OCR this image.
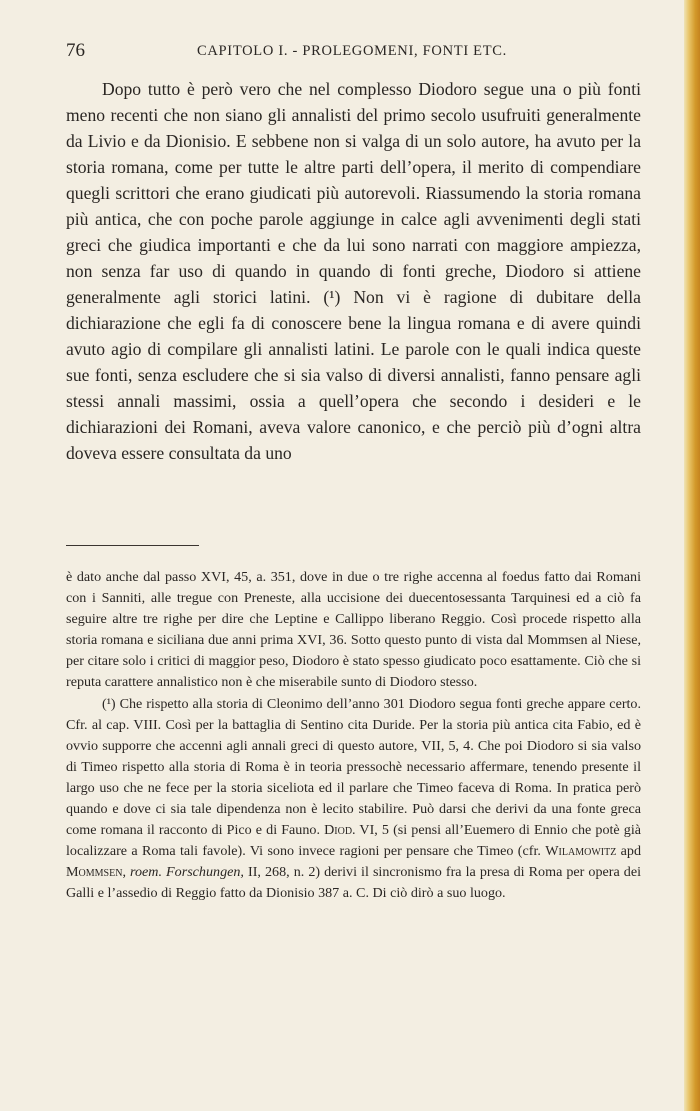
76	CAPITOLO I. - PROLEGOMENI, FONTI ETC.

Dopo tutto è però vero che nel complesso Diodoro segue una o più fonti meno recenti che non siano gli annalisti del primo secolo usufruiti generalmente da Livio e da Dionisio. E sebbene non si valga di un solo autore, ha avuto per la storia romana, come per tutte le altre parti dell’opera, il merito di compendiare quegli scrittori che erano giudicati più autorevoli. Riassumendo la storia romana più antica, che con poche parole aggiunge in calce agli avvenimenti degli stati greci che giudica importanti e che da lui sono narrati con maggiore ampiezza, non senza far uso di quando in quando di fonti greche, Diodoro si attiene generalmente agli storici latini. (¹) Non vi è ragione di dubitare della dichiarazione che egli fa di conoscere bene la lingua romana e di avere quindi avuto agio di compilare gli annalisti latini. Le parole con le quali indica queste sue fonti, senza escludere che si sia valso di diversi annalisti, fanno pensare agli stessi annali massimi, ossia a quell’opera che secondo i desideri e le dichiarazioni dei Romani, aveva valore canonico, e che perciò più d’ogni altra doveva essere consultata da uno

è dato anche dal passo XVI, 45, a. 351, dove in due o tre righe accenna al foedus fatto dai Romani con i Sanniti, alle tregue con Preneste, alla uccisione dei duecentosessanta Tarquinesi ed a ciò fa seguire altre tre righe per dire che Leptine e Callippo liberano Reggio. Così procede rispetto alla storia romana e siciliana due anni prima XVI, 36. Sotto questo punto di vista dal Mommsen al Niese, per citare solo i critici di maggior peso, Diodoro è stato spesso giudicato poco esattamente. Ciò che si reputa carattere annalistico non è che miserabile sunto di Diodoro stesso.

(¹) Che rispetto alla storia di Cleonimo dell’anno 301 Diodoro segua fonti greche appare certo. Cfr. al cap. VIII. Così per la battaglia di Sentino cita Duride. Per la storia più antica cita Fabio, ed è ovvio supporre che accenni agli annali greci di questo autore, VII, 5, 4. Che poi Diodoro si sia valso di Timeo rispetto alla storia di Roma è in teoria pressochè necessario affermare, tenendo presente il largo uso che ne fece per la storia siceliota ed il parlare che Timeo faceva di Roma. In pratica però quando e dove ci sia tale dipendenza non è lecito stabilire. Può darsi che derivi da una fonte greca come romana il racconto di Pico e di Fauno. Diod. VI, 5 (si pensi all’Euemero di Ennio che potè già localizzare a Roma tali favole). Vi sono invece ragioni per pensare che Timeo (cfr. Wilamowitz apd Mommsen, roem. Forschungen, II, 268, n. 2) derivi il sincronismo fra la presa di Roma per opera dei Galli e l’assedio di Reggio fatto da Dionisio 387 a. C. Di ciò dirò a suo luogo.
